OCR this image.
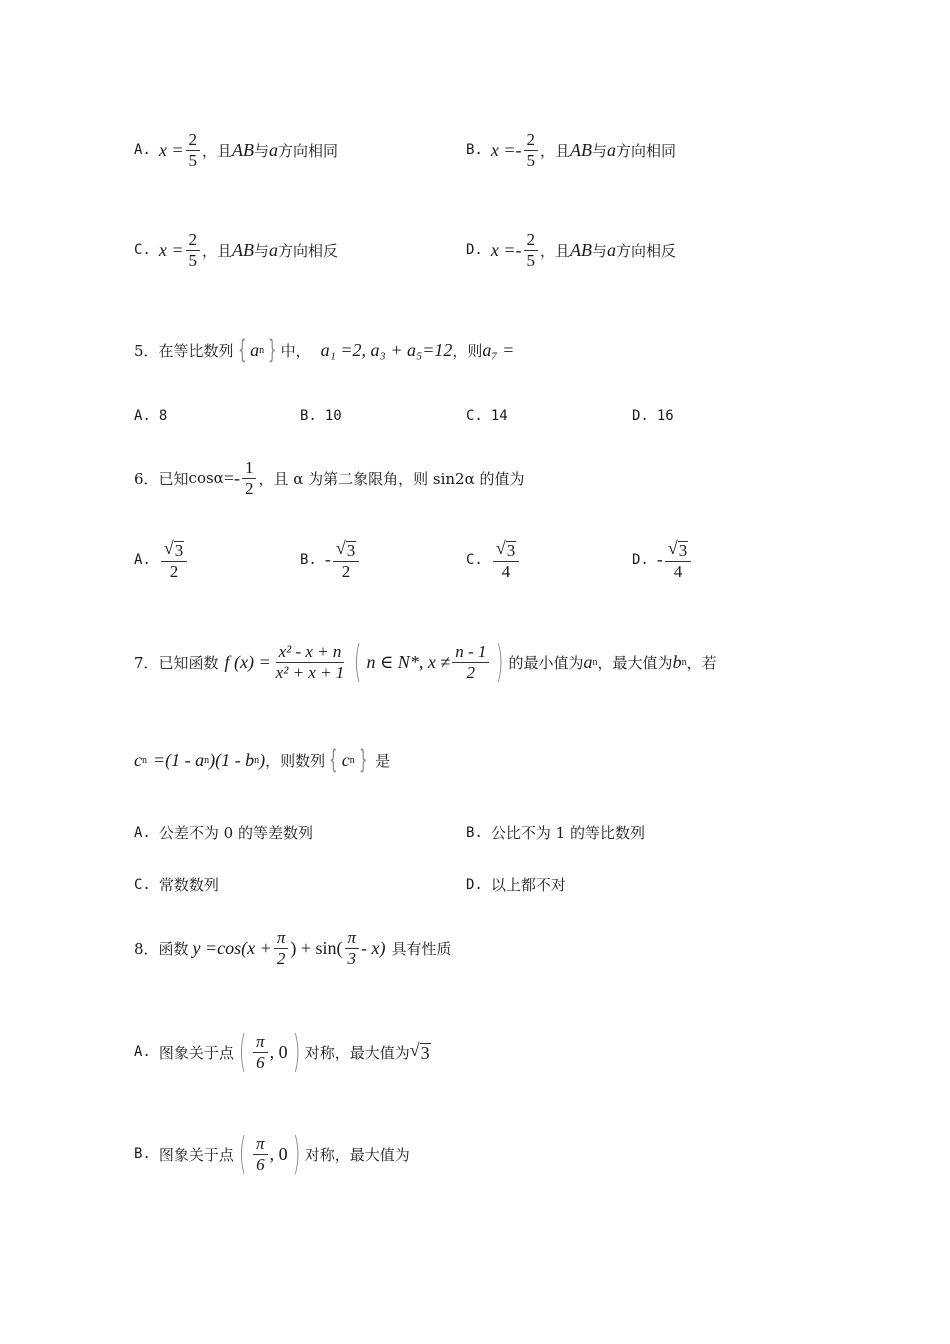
A. $x = \frac{2}{5}$ ，且 AB 与 a 方向相同	B. $x =- \frac{2}{5}$ ，且 AB 与 a 方向相同
C. $x = \frac{2}{5}$ ，且 AB 与 a 方向相反	D. $x =- \frac{2}{5}$ ，且 AB 与 a 方向相反
5．在等比数列 { a n } 中， a₁ =2, a₃ + a₅=12 ，则 a₇ =
A. 8	B. 10	C. 14	D. 16
6．已知 $\cos\alpha =- \frac{1}{2}$ ，且 α 为第二象限角，则 sin2α 的值为
A. $\frac{√ 3}{2}$	B. - $\frac{√ 3}{2}$	C. $\frac{√ 3}{4}$	D. - $\frac{√ 3}{4}$
7．已知函数 f $(x) = \frac{\text{x² - x + n}}{\text{x² + x + 1}}$ ( n ∈ N*, $x \ne \frac{n - 1}{2}$ ) 的最小值为 a n ，最大值为 b n ，若
c n =(1 - a n )(1 - b n ) ，则数列 { c n } 是
A. 公差不为 0 的等差数列	B. 公比不为 1 的等比数列
C. 常数数列	D. 以上都不对
8．函数 $y =\cos(x + \frac{\pi}{2}$ ) + $\sin( \frac{\pi}{3} - x)$ 具有性质
A. 图象关于点 ( $\frac{\pi}{6}$ , 0 ) 对称，最大值为 √ 3
B. 图象关于点 ( $\frac{\pi}{6}$ , 0 ) 对称，最大值为
